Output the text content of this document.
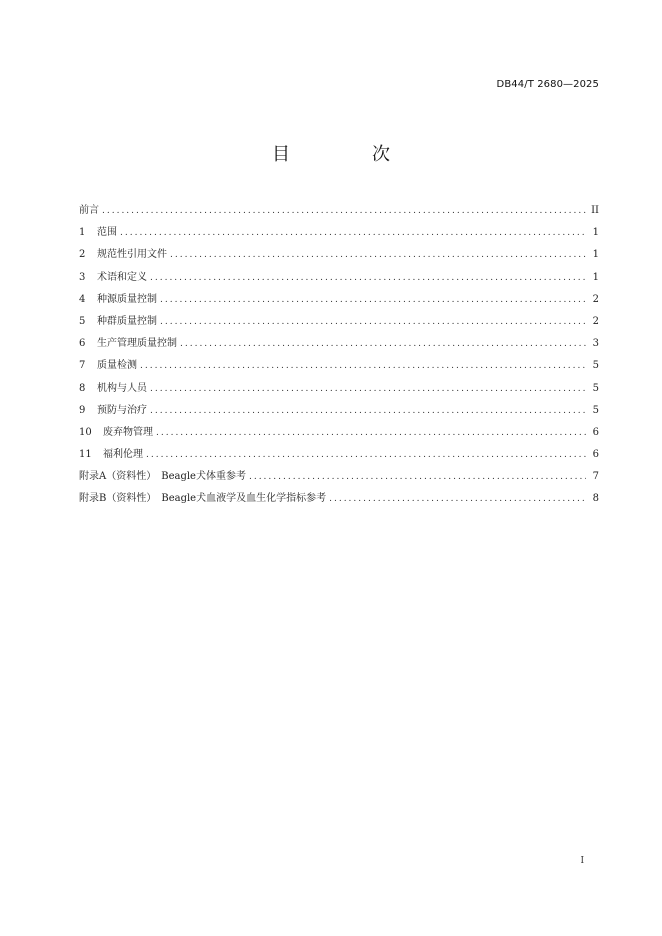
DB44/T 2680—2025
目　次
前言 .....	II
1 范围 .....	1
2 规范性引用文件 .....	1
3 术语和定义 .....	1
4 种源质量控制 .....	2
5 种群质量控制 .....	2
6 生产管理质量控制 .....	3
7 质量检测 .....	5
8 机构与人员 .....	5
9 预防与治疗 .....	5
10 废弃物管理 .....	6
11 福利伦理 .....	6
附录A（资料性）　Beagle犬体重参考 .....	7
附录B（资料性）　Beagle犬血液学及血生化学指标参考 .....	8
I
